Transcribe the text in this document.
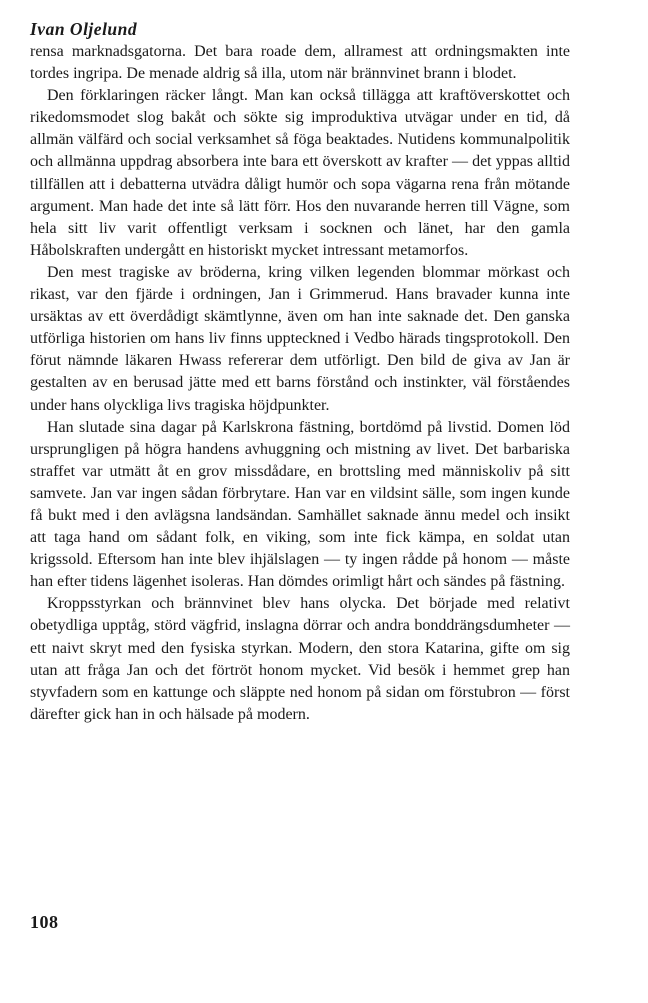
Ivan Oljelund

rensa marknadsgatorna. Det bara roade dem, allramest att ordningsmakten inte tordes ingripa. De menade aldrig så illa, utom när brännvinet brann i blodet.

Den förklaringen räcker långt. Man kan också tillägga att kraftöverskottet och rikedomsmodet slog bakåt och sökte sig improduktiva utvägar under en tid, då allmän välfärd och social verksamhet så föga beaktades. Nutidens kommunalpolitik och allmänna uppdrag absorbera inte bara ett överskott av krafter — det yppas alltid tillfällen att i debatterna utvädra dåligt humör och sopa vägarna rena från mötande argument. Man hade det inte så lätt förr. Hos den nuvarande herren till Vägne, som hela sitt liv varit offentligt verksam i socknen och länet, har den gamla Håbolskraften undergått en historiskt mycket intressant metamorfos.

Den mest tragiske av bröderna, kring vilken legenden blommar mörkast och rikast, var den fjärde i ordningen, Jan i Grimmerud. Hans bravader kunna inte ursäktas av ett överdådigt skämtlynne, även om han inte saknade det. Den ganska utförliga historien om hans liv finns uppteckned i Vedbo härads tingsprotokoll. Den förut nämnde läkaren Hwass refererar dem utförligt. Den bild de giva av Jan är gestalten av en berusad jätte med ett barns förstånd och instinkter, väl förståendes under hans olyckliga livs tragiska höjdpunkter.

Han slutade sina dagar på Karlskrona fästning, bortdömd på livstid. Domen löd ursprungligen på högra handens avhuggning och mistning av livet. Det barbariska straffet var utmätt åt en grov missdådare, en brottsling med människoliv på sitt samvete. Jan var ingen sådan förbrytare. Han var en vildsint sälle, som ingen kunde få bukt med i den avlägsna landsändan. Samhället saknade ännu medel och insikt att taga hand om sådant folk, en viking, som inte fick kämpa, en soldat utan krigssold. Eftersom han inte blev ihjälslagen — ty ingen rådde på honom — måste han efter tidens lägenhet isoleras. Han dömdes orimligt hårt och sändes på fästning.

Kroppsstyrkan och brännvinet blev hans olycka. Det började med relativt obetydliga upptåg, störd vägfrid, inslagna dörrar och andra bonddrängsdumheter — ett naivt skryt med den fysiska styrkan. Modern, den stora Katarina, gifte om sig utan att fråga Jan och det förtröt honom mycket. Vid besök i hemmet grep han styvfadern som en kattunge och släppte ned honom på sidan om förstubron — först därefter gick han in och hälsade på modern.

108
